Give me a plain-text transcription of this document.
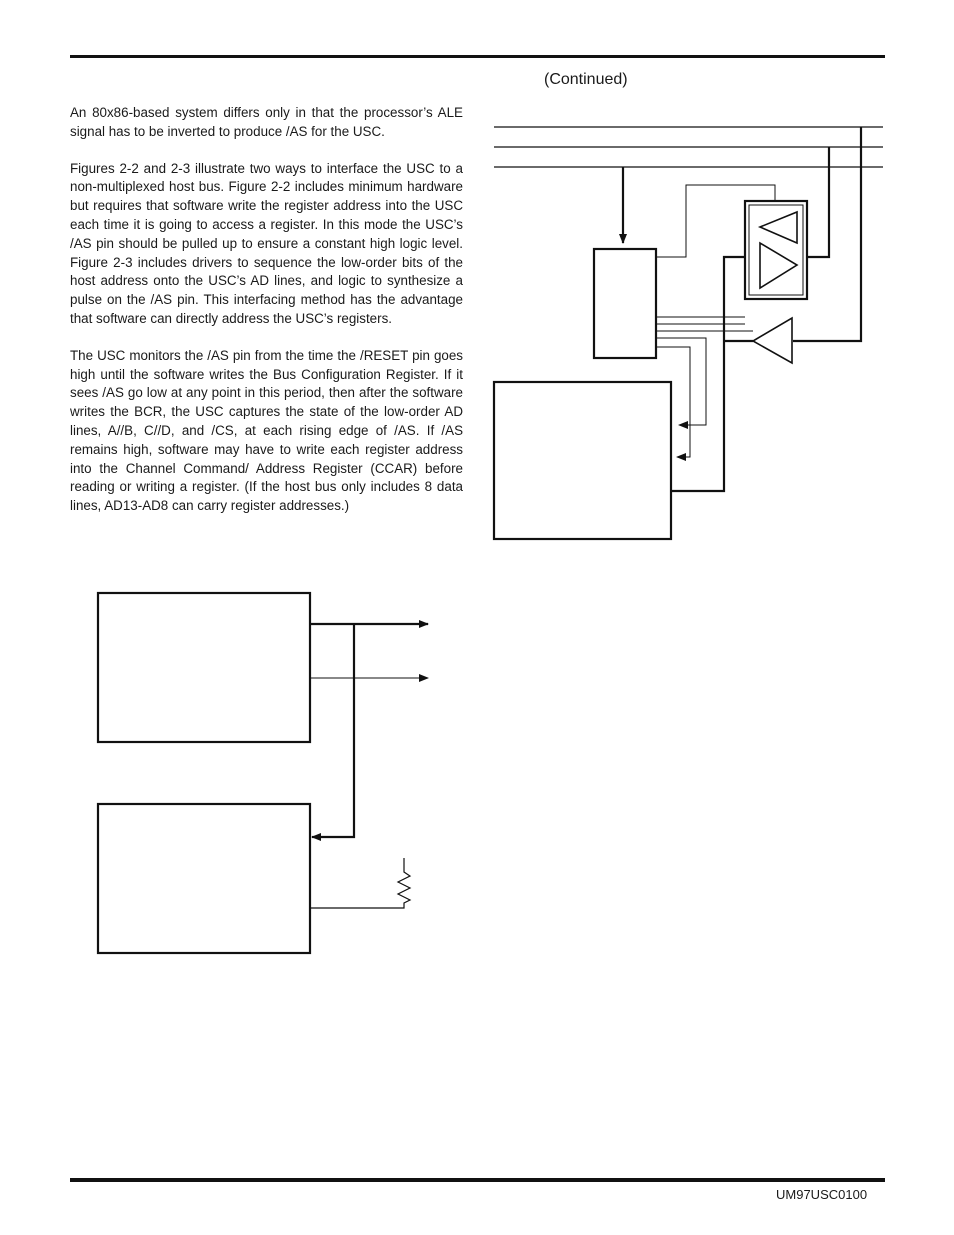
(Continued)

An 80x86-based system differs only in that the processor’s ALE signal has to be inverted to produce /AS for the USC.

Figures 2-2 and 2-3 illustrate two ways to interface the USC to a non-multiplexed host bus. Figure 2-2 includes minimum hardware but requires that software write the register address into the USC each time it is going to access a register. In this mode the USC’s /AS pin should be pulled up to ensure a constant high logic level. Figure 2-3 includes drivers to sequence the low-order bits of the host address onto the USC’s AD lines, and logic to synthesize a pulse on the /AS pin. This interfacing method has the advantage that software can directly address the USC’s registers.

The USC monitors the /AS pin from the time the /RESET pin goes high until the software writes the Bus Configuration Register. If it sees /AS go low at any point in this period, then after the software writes the BCR, the USC captures the state of the low-order AD lines, A//B, C//D, and /CS, at each rising edge of /AS. If /AS remains high, software may have to write each register address into the Channel Command/ Address Register (CCAR) before reading or writing a register. (If the host bus only includes 8 data lines, AD13-AD8 can carry register addresses.)

UM97USC0100
